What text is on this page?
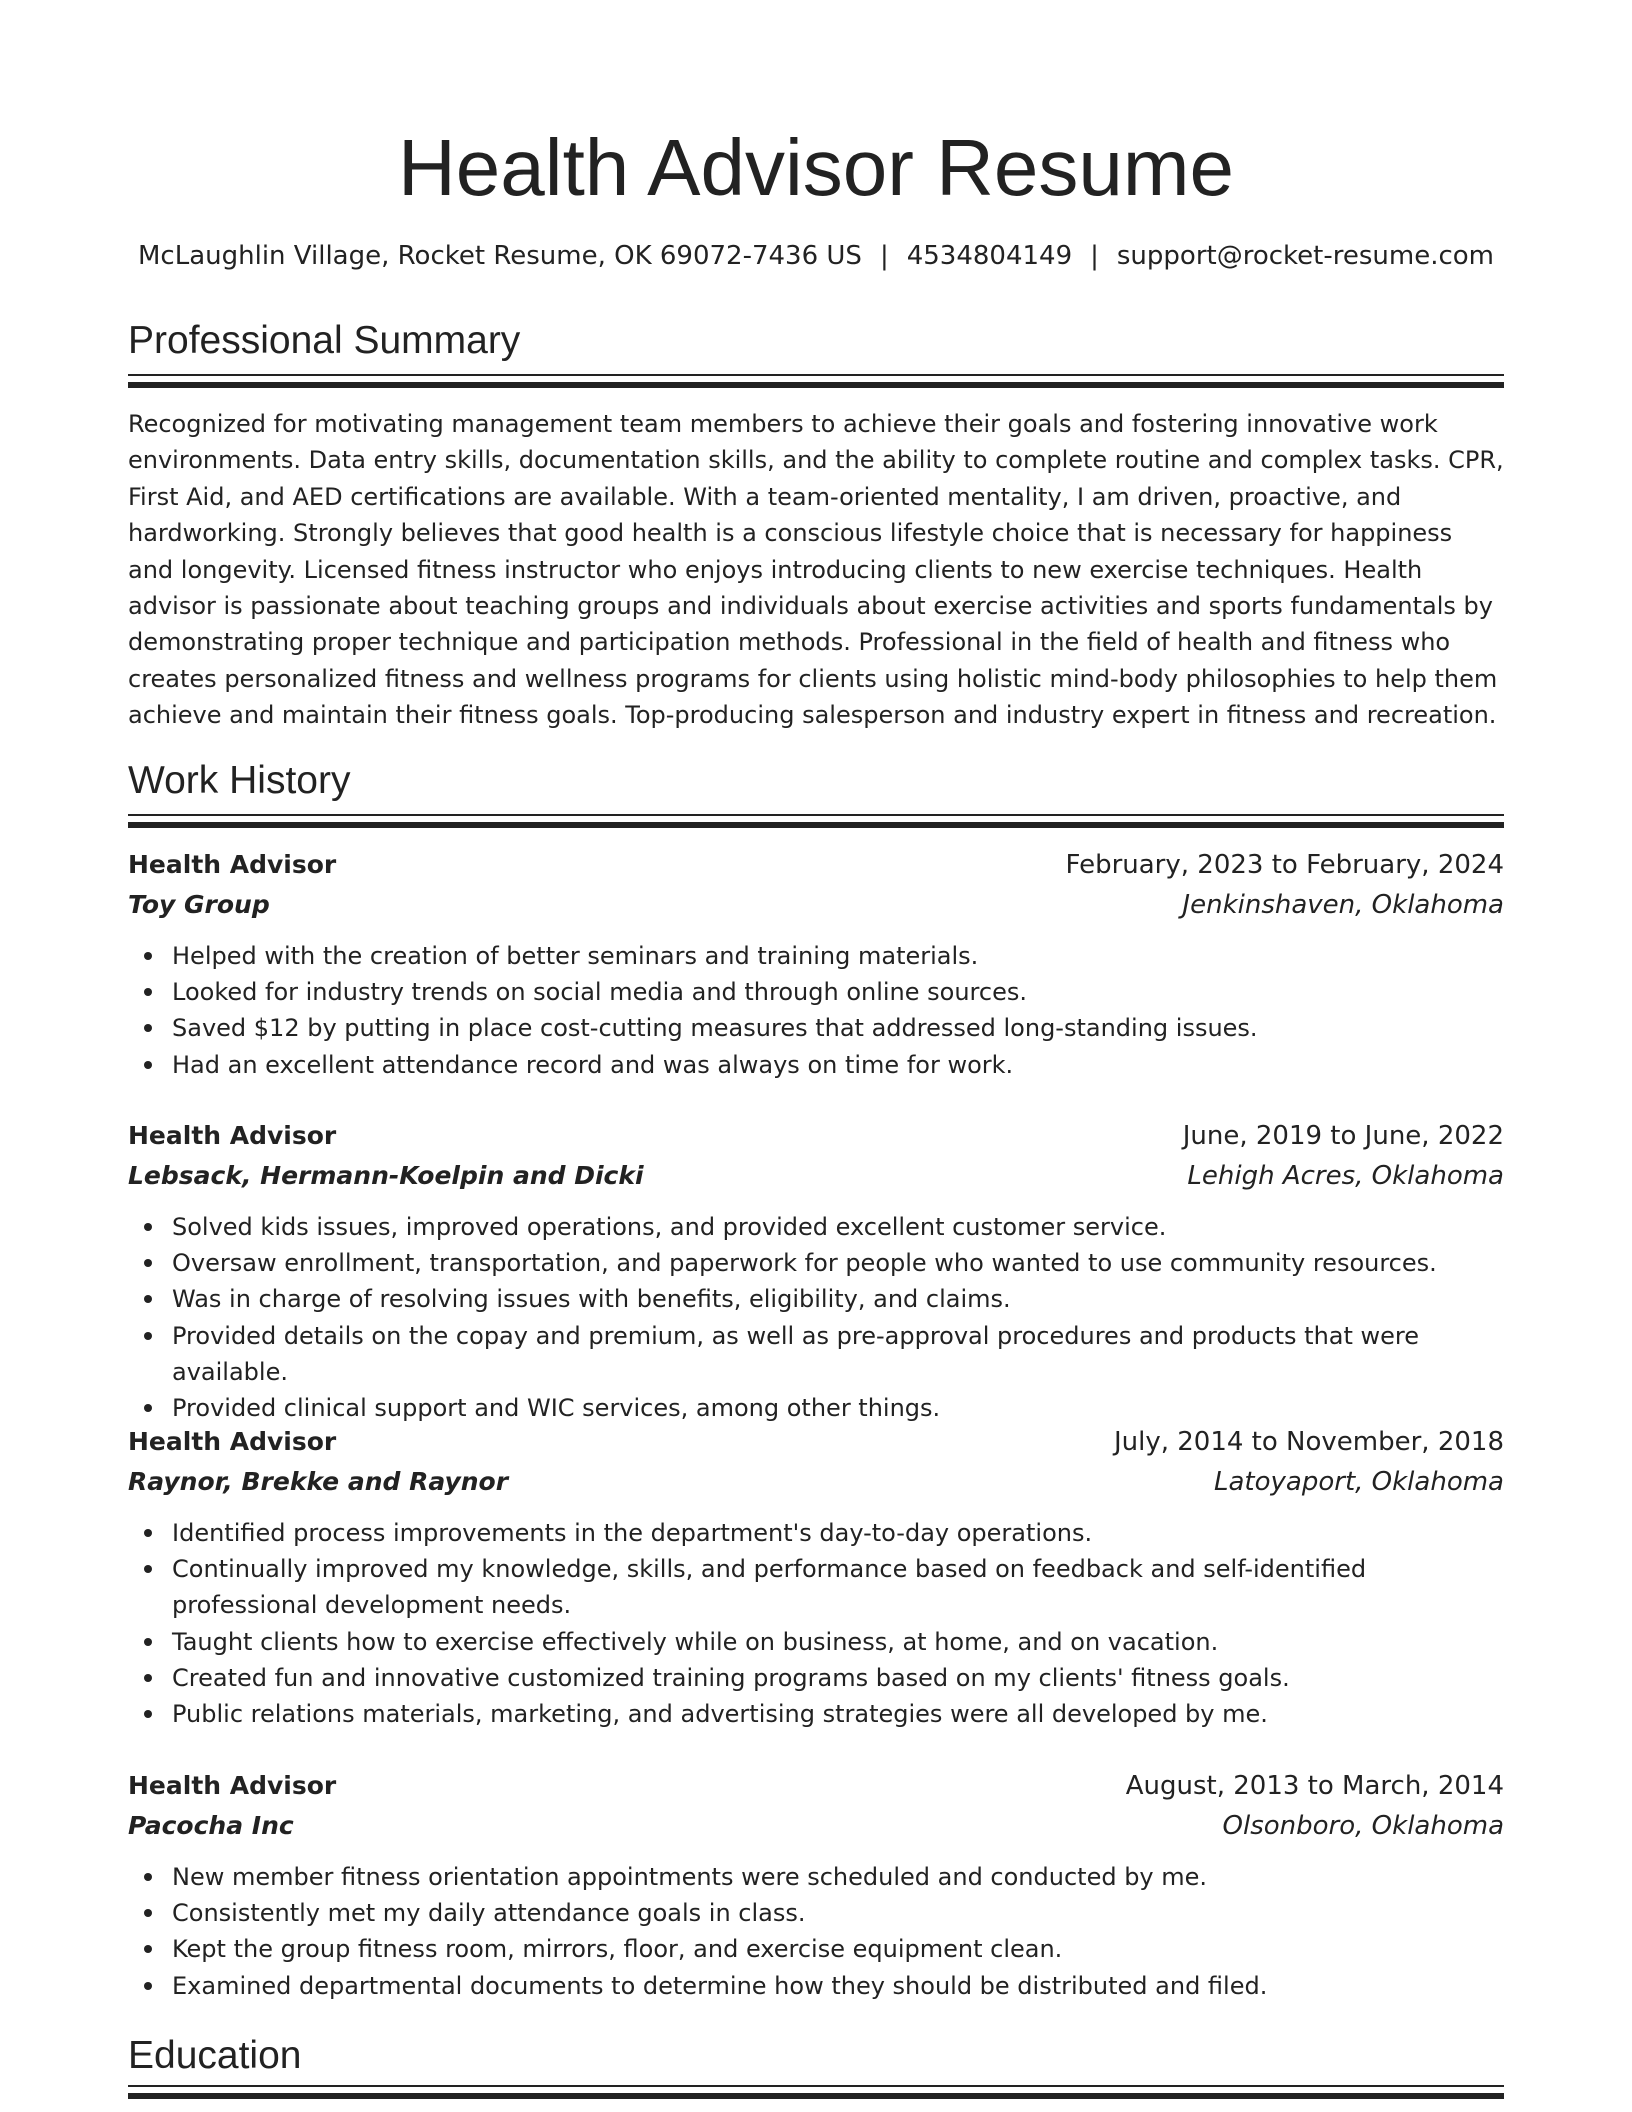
Health Advisor Resume
McLaughlin Village, Rocket Resume, OK 69072-7436 US | 4534804149 | support@rocket-resume.com
Professional Summary

Recognized for motivating management team members to achieve their goals and fostering innovative work environments. Data entry skills, documentation skills, and the ability to complete routine and complex tasks. CPR, First Aid, and AED certifications are available. With a team-oriented mentality, I am driven, proactive, and hardworking. Strongly believes that good health is a conscious lifestyle choice that is necessary for happiness and longevity. Licensed fitness instructor who enjoys introducing clients to new exercise techniques. Health advisor is passionate about teaching groups and individuals about exercise activities and sports fundamentals by demonstrating proper technique and participation methods. Professional in the field of health and fitness who creates personalized fitness and wellness programs for clients using holistic mind-body philosophies to help them achieve and maintain their fitness goals. Top-producing salesperson and industry expert in fitness and recreation.

Work History
Health Advisor	February, 2023 to February, 2024
Toy Group	Jenkinshaven, Oklahoma
Helped with the creation of better seminars and training materials.
Looked for industry trends on social media and through online sources.
Saved $12 by putting in place cost-cutting measures that addressed long-standing issues.
Had an excellent attendance record and was always on time for work.
Health Advisor	June, 2019 to June, 2022
Lebsack, Hermann-Koelpin and Dicki	Lehigh Acres, Oklahoma
Solved kids issues, improved operations, and provided excellent customer service.
Oversaw enrollment, transportation, and paperwork for people who wanted to use community resources.
Was in charge of resolving issues with benefits, eligibility, and claims.
Provided details on the copay and premium, as well as pre-approval procedures and products that were available.
Provided clinical support and WIC services, among other things.
Health Advisor	July, 2014 to November, 2018
Raynor, Brekke and Raynor	Latoyaport, Oklahoma
Identified process improvements in the department's day-to-day operations.
Continually improved my knowledge, skills, and performance based on feedback and self-identified professional development needs.
Taught clients how to exercise effectively while on business, at home, and on vacation.
Created fun and innovative customized training programs based on my clients' fitness goals.
Public relations materials, marketing, and advertising strategies were all developed by me.
Health Advisor	August, 2013 to March, 2014
Pacocha Inc	Olsonboro, Oklahoma
New member fitness orientation appointments were scheduled and conducted by me.
Consistently met my daily attendance goals in class.
Kept the group fitness room, mirrors, floor, and exercise equipment clean.
Examined departmental documents to determine how they should be distributed and filed.
Education
